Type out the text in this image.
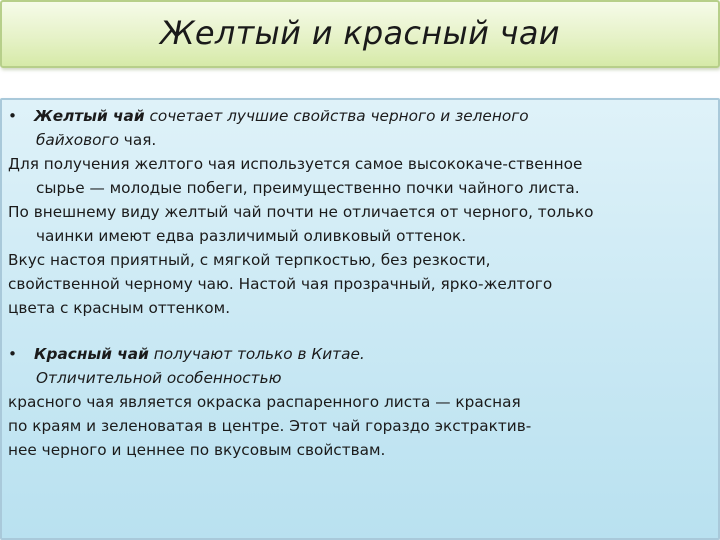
Желтый и красный чаи
• Желтый чай сочетает лучшие свойства черного и зеленого
байхового чая.
Для получения желтого чая используется самое высококаче-ственное
сырье — молодые побеги, преимущественно почки чайного листа.
По внешнему виду желтый чай почти не отличается от черного, только
чаинки имеют едва различимый оливковый оттенок.
Вкус настоя приятный, с мягкой терпкостью, без резкости,
свойственной черному чаю. Настой чая прозрачный, ярко-желтого
цвета с красным оттенком.
• Красный чай получают только в Китае.
Отличительной особенностью
красного чая является окраска распаренного листа — красная
по краям и зеленоватая в центре. Этот чай гораздо экстрактив-
нее черного и ценнее по вкусовым свойствам.
